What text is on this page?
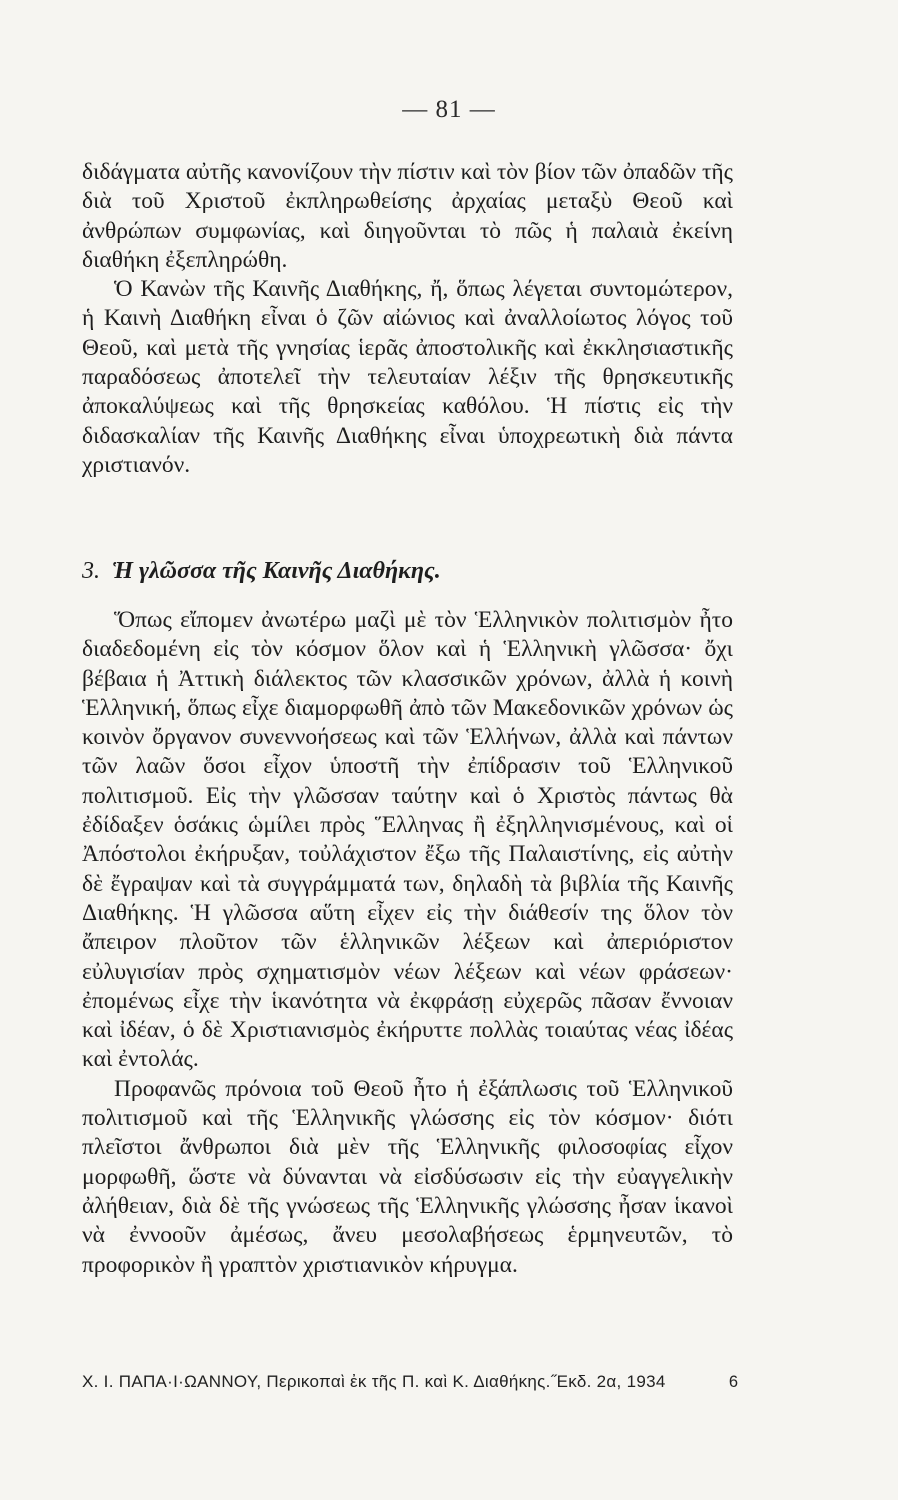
— 81 —

διδάγματα αὐτῆς κανονίζουν τὴν πίστιν καὶ τὸν βίον τῶν ὀπαδῶν τῆς διὰ τοῦ Χριστοῦ ἐκπληρωθείσης ἀρχαίας μεταξὺ Θεοῦ καὶ ἀνθρώπων συμφωνίας, καὶ διηγοῦνται τὸ πῶς ἡ παλαιὰ ἐκείνη διαθήκη ἐξεπληρώθη.

Ὁ Κανὼν τῆς Καινῆς Διαθήκης, ἤ, ὅπως λέγεται συντομώτερον, ἡ Καινὴ Διαθήκη εἶναι ὁ ζῶν αἰώνιος καὶ ἀναλλοίωτος λόγος τοῦ Θεοῦ, καὶ μετὰ τῆς γνησίας ἱερᾶς ἀποστολικῆς καὶ ἐκκλησιαστικῆς παραδόσεως ἀποτελεῖ τὴν τελευταίαν λέξιν τῆς θρησκευτικῆς ἀποκαλύψεως καὶ τῆς θρησκείας καθόλου. Ἡ πίστις εἰς τὴν διδασκαλίαν τῆς Καινῆς Διαθήκης εἶναι ὑποχρεωτικὴ διὰ πάντα χριστιανόν.

3. Ἡ γλῶσσα τῆς Καινῆς Διαθήκης.

Ὅπως εἴπομεν ἀνωτέρω μαζὶ μὲ τὸν Ἑλληνικὸν πολιτισμὸν ἦτο διαδεδομένη εἰς τὸν κόσμον ὅλον καὶ ἡ Ἑλληνικὴ γλῶσσα· ὄχι βέβαια ἡ Ἀττικὴ διάλεκτος τῶν κλασσικῶν χρόνων, ἀλλὰ ἡ κοινὴ Ἑλληνική, ὅπως εἶχε διαμορφωθῆ ἀπὸ τῶν Μακεδονικῶν χρόνων ὡς κοινὸν ὄργανον συνεννοήσεως καὶ τῶν Ἑλλήνων, ἀλλὰ καὶ πάντων τῶν λαῶν ὅσοι εἶχον ὑποστῆ τὴν ἐπίδρασιν τοῦ Ἑλληνικοῦ πολιτισμοῦ. Εἰς τὴν γλῶσσαν ταύτην καὶ ὁ Χριστὸς πάντως θὰ ἐδίδαξεν ὁσάκις ὡμίλει πρὸς Ἕλληνας ἢ ἐξηλληνισμένους, καὶ οἱ Ἀπόστολοι ἐκήρυξαν, τοὐλάχιστον ἔξω τῆς Παλαιστίνης, εἰς αὐτὴν δὲ ἔγραψαν καὶ τὰ συγγράμματά των, δηλαδὴ τὰ βιβλία τῆς Καινῆς Διαθήκης. Ἡ γλῶσσα αὕτη εἶχεν εἰς τὴν διάθεσίν της ὅλον τὸν ἄπειρον πλοῦτον τῶν ἑλληνικῶν λέξεων καὶ ἀπεριόριστον εὐλυγισίαν πρὸς σχηματισμὸν νέων λέξεων καὶ νέων φράσεων· ἐπομένως εἶχε τὴν ἱκανότητα νὰ ἐκφράσῃ εὐχερῶς πᾶσαν ἔννοιαν καὶ ἰδέαν, ὁ δὲ Χριστιανισμὸς ἐκήρυττε πολλὰς τοιαύτας νέας ἰδέας καὶ ἐντολάς.

Προφανῶς πρόνοια τοῦ Θεοῦ ἦτο ἡ ἐξάπλωσις τοῦ Ἑλληνικοῦ πολιτισμοῦ καὶ τῆς Ἑλληνικῆς γλώσσης εἰς τὸν κόσμον· διότι πλεῖστοι ἄνθρωποι διὰ μὲν τῆς Ἑλληνικῆς φιλοσοφίας εἶχον μορφωθῆ, ὥστε νὰ δύνανται νὰ εἰσδύσωσιν εἰς τὴν εὐαγγελικὴν ἀλήθειαν, διὰ δὲ τῆς γνώσεως τῆς Ἑλληνικῆς γλώσσης ἦσαν ἱκανοὶ νὰ ἐννοοῦν ἀμέσως, ἄνευ μεσολαβήσεως ἑρμηνευτῶν, τὸ προφορικὸν ἢ γραπτὸν χριστιανικὸν κήρυγμα.

Χ. Ι. ΠΑΠΑ·Ι·ΩΑΝΝΟΥ, Περικοπαὶ ἐκ τῆς Π. καὶ Κ. Διαθήκης.˝Εκδ. 2α, 1934	6
